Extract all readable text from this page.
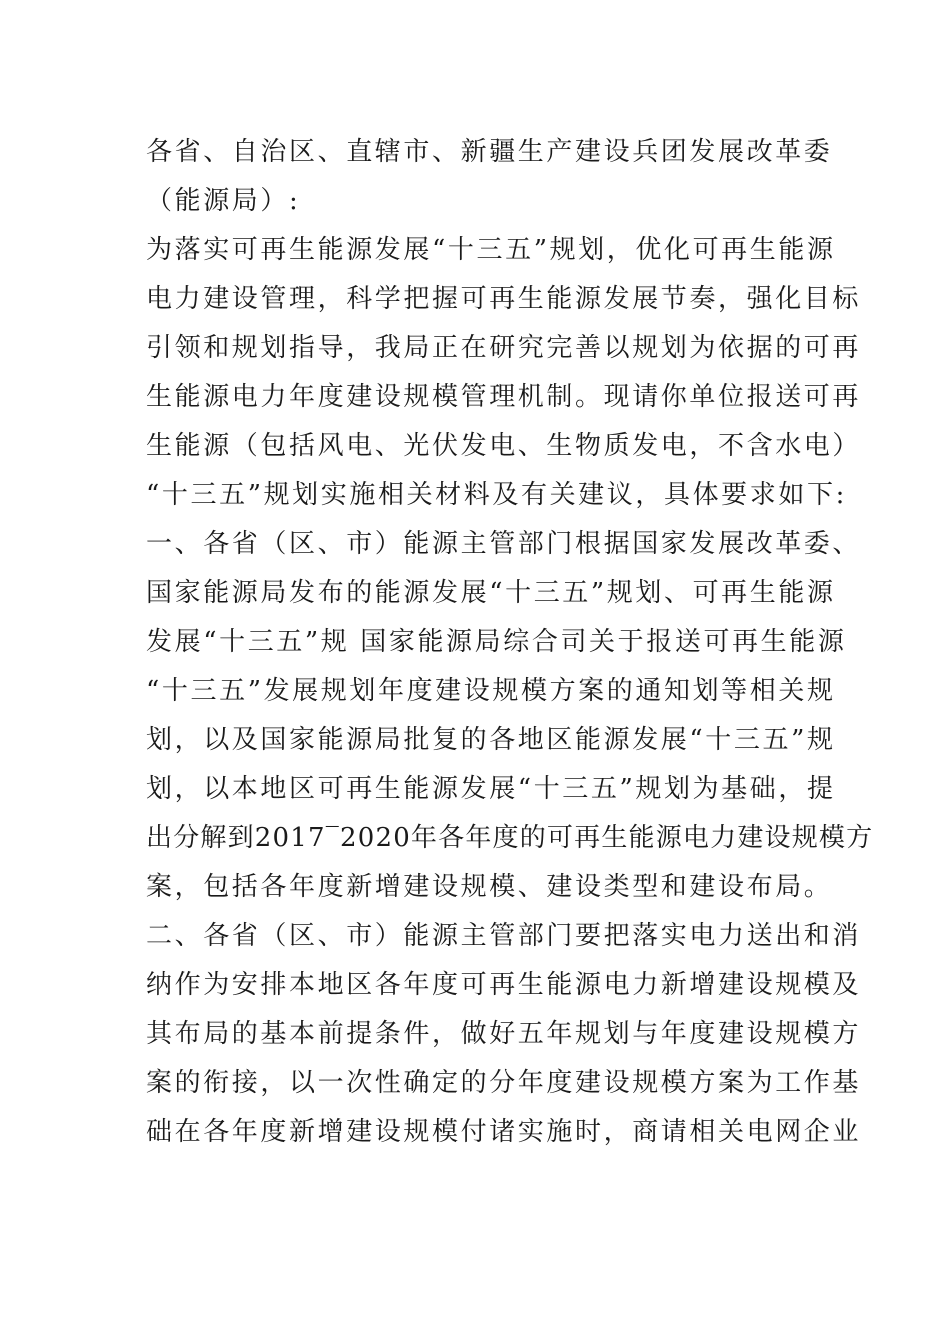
各省、自治区、直辖市、新疆生产建设兵团发展改革委
（能源局）:
为落实可再生能源发展“十三五”规划，优化可再生能源
电力建设管理，科学把握可再生能源发展节奏，强化目标
引领和规划指导，我局正在研究完善以规划为依据的可再
生能源电力年度建设规模管理机制。现请你单位报送可再
生能源（包括风电、光伏发电、生物质发电，不含水电）
“十三五”规划实施相关材料及有关建议，具体要求如下:
一、各省（区、市）能源主管部门根据国家发展改革委、
国家能源局发布的能源发展“十三五”规划、可再生能源
发展“十三五”规 国家能源局综合司关于报送可再生能源
“十三五”发展规划年度建设规模方案的通知划等相关规
划，以及国家能源局批复的各地区能源发展“十三五”规
划，以本地区可再生能源发展“十三五”规划为基础，提
出分解到2017‾2020年各年度的可再生能源电力建设规模方
案，包括各年度新增建设规模、建设类型和建设布局。
二、各省（区、市）能源主管部门要把落实电力送出和消
纳作为安排本地区各年度可再生能源电力新增建设规模及
其布局的基本前提条件，做好五年规划与年度建设规模方
案的衔接，以一次性确定的分年度建设规模方案为工作基
础在各年度新增建设规模付诸实施时，商请相关电网企业
